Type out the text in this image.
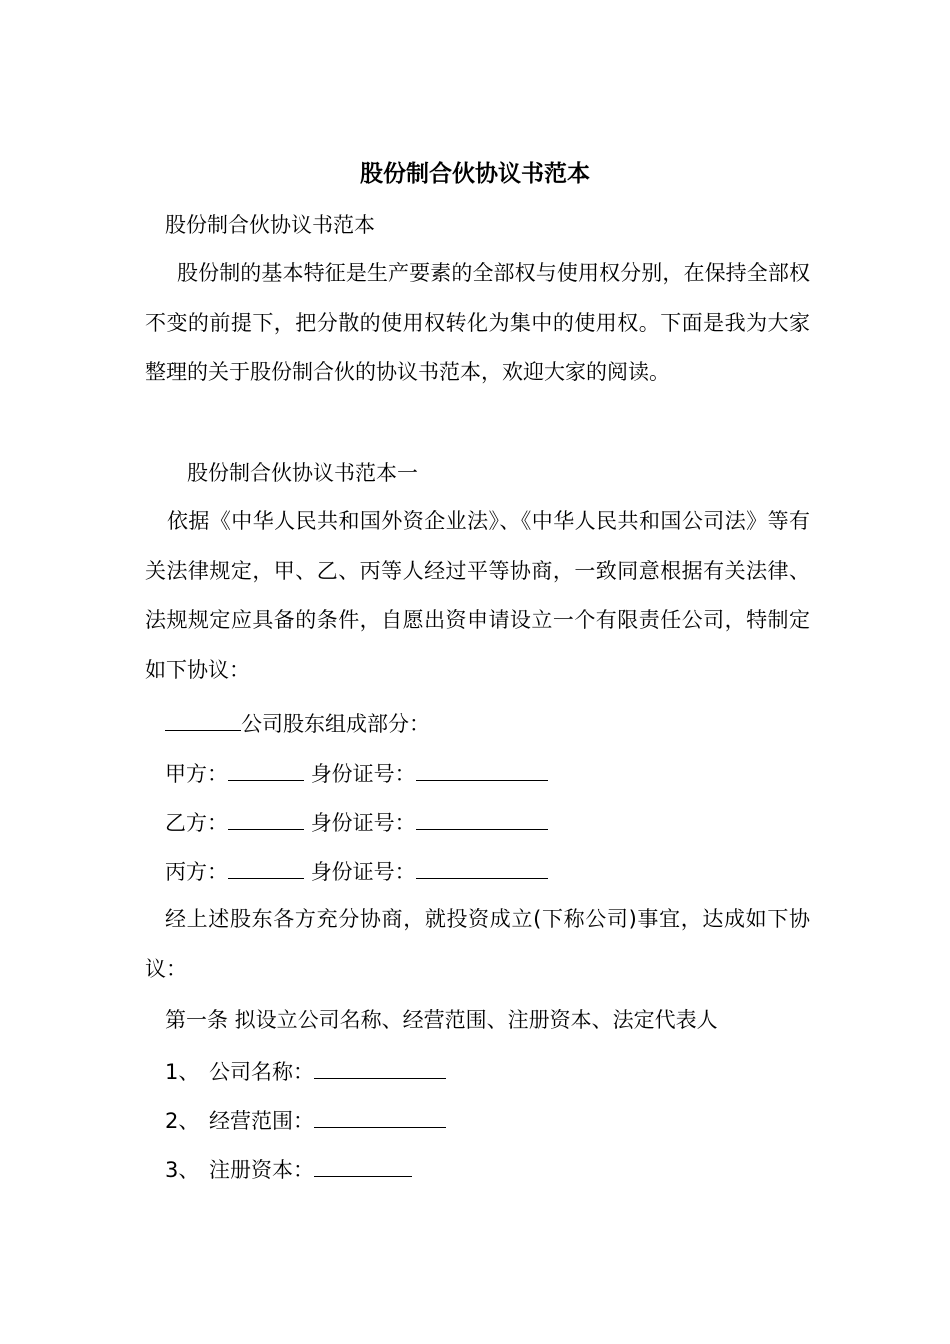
股份制合伙协议书范本
股份制合伙协议书范本
股份制的基本特征是生产要素的全部权与使用权分别，在保持全部权不变的前提下，把分散的使用权转化为集中的使用权。下面是我为大家整理的关于股份制合伙的协议书范本，欢迎大家的阅读。
股份制合伙协议书范本一
依据《中华人民共和国外资企业法》、《中华人民共和国公司法》等有关法律规定，甲、乙、丙等人经过平等协商，一致同意根据有关法律、法规规定应具备的条件，自愿出资申请设立一个有限责任公司，特制定如下协议：
公司股东组成部分：
甲方：	身份证号：
乙方：	身份证号：
丙方：	身份证号：
经上述股东各方充分协商，就投资成立(下称公司)事宜，达成如下协议：
第一条 拟设立公司名称、经营范围、注册资本、法定代表人
1、 公司名称：
2、 经营范围：
3、 注册资本：
